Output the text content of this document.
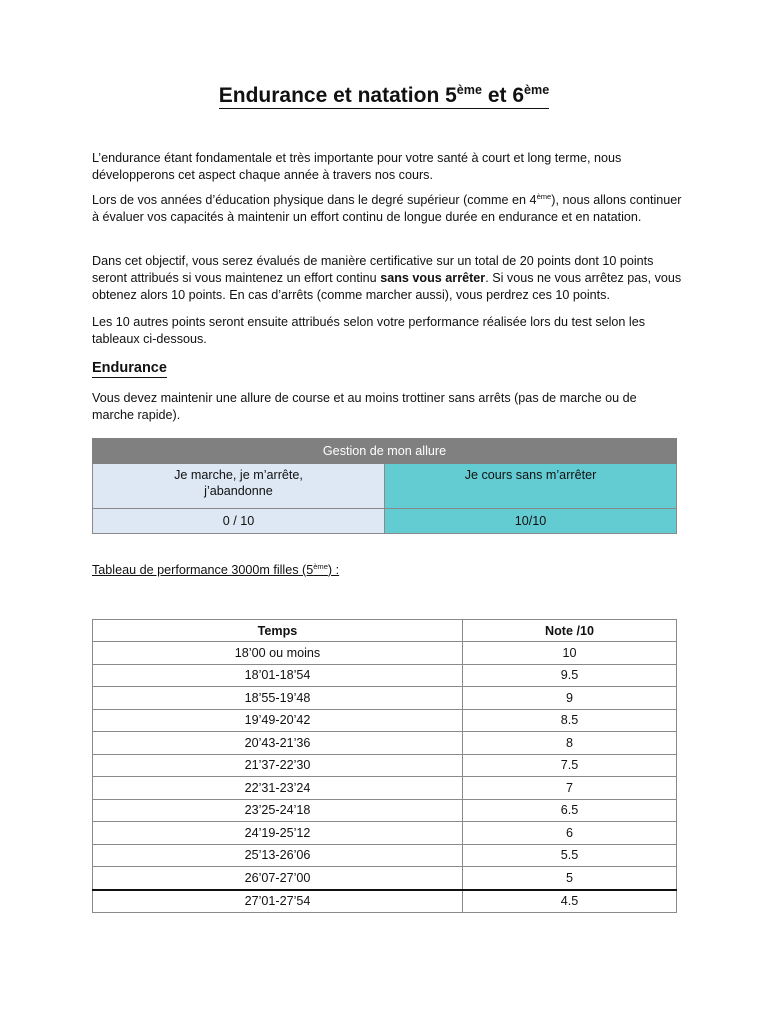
Endurance et natation 5ème et 6ème

L’endurance étant fondamentale et très importante pour votre santé à court et long terme, nous développerons cet aspect chaque année à travers nos cours.

Lors de vos années d’éducation physique dans le degré supérieur (comme en 4ème), nous allons continuer à évaluer vos capacités à maintenir un effort continu de longue durée en endurance et en natation.

Dans cet objectif, vous serez évalués de manière certificative sur un total de 20 points dont 10 points seront attribués si vous maintenez un effort continu sans vous arrêter. Si vous ne vous arrêtez pas, vous obtenez alors 10 points. En cas d’arrêts (comme marcher aussi), vous perdrez ces 10 points.

Les 10 autres points seront ensuite attribués selon votre performance réalisée lors du test selon les tableaux ci-dessous.

Endurance

Vous devez maintenir une allure de course et au moins trottiner sans arrêts (pas de marche ou de marche rapide).

Gestion de mon allure	
Je marche, je m’arrête,
j’abandonne	Je cours sans m’arrêter
0 / 10	10/10
Tableau de performance 3000m filles (5ème) :
Temps	Note /10
18’00 ou moins	10
18’01-18’54	9.5
18’55-19’48	9
19’49-20’42	8.5
20’43-21’36	8
21’37-22’30	7.5
22’31-23’24	7
23’25-24’18	6.5
24’19-25’12	6
25’13-26’06	5.5
26’07-27’00	5
27’01-27’54	4.5
